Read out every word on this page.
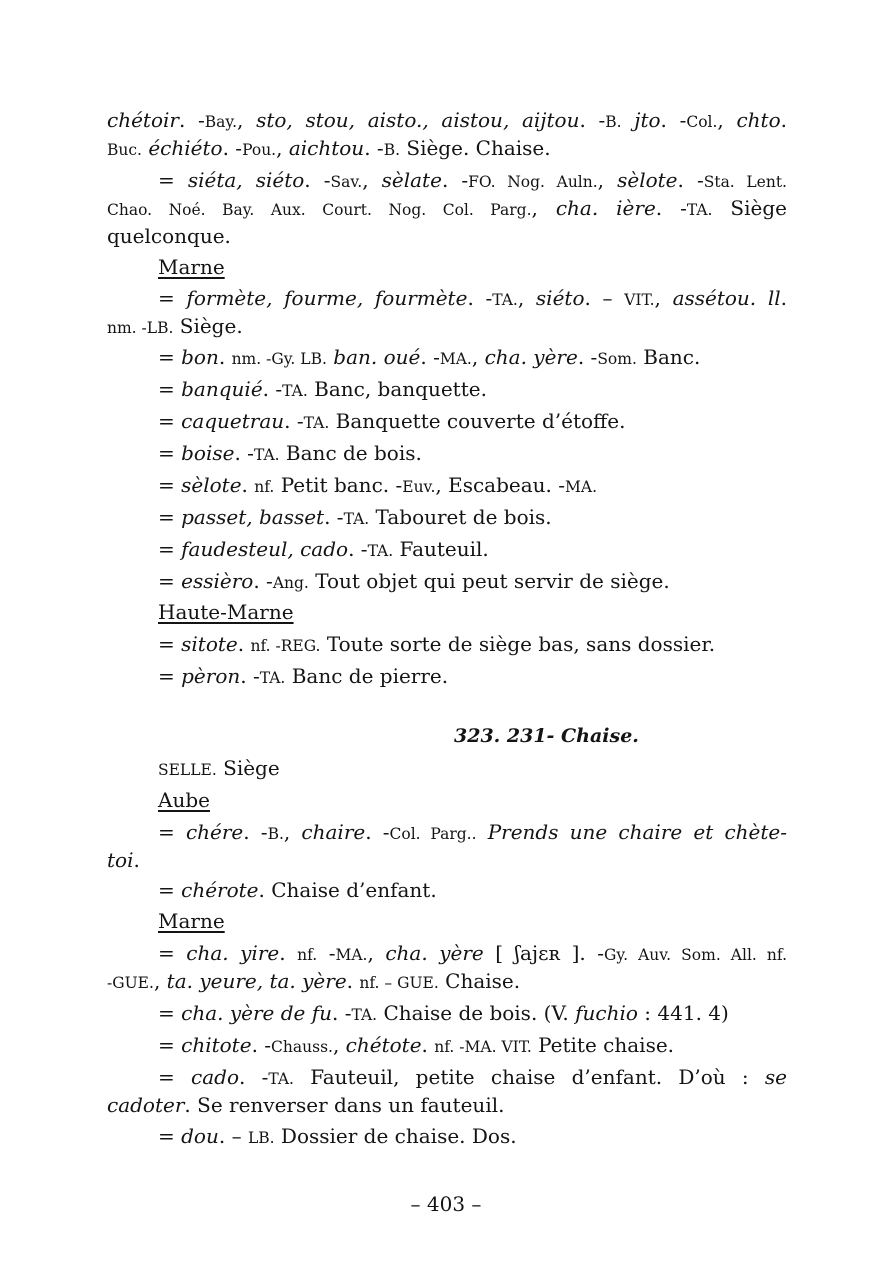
chétoir. -Bay., sto, stou, aisto., aistou, aijtou. -B. jto. -Col., chto.
Buc. échiéto. -Pou., aichtou. -B. Siège. Chaise.
= siéta, siéto. -Sav., sèlate. -FO. Nog. Auln., sèlote. -Sta. Lent.
Chao. Noé. Bay. Aux. Court. Nog. Col. Parg., cha. ière. -TA. Siège
quelconque.
Marne
= formète, fourme, fourmète. -TA., siéto. – VIT., assétou. ll.
nm. -LB. Siège.
= bon. nm. -Gy. LB. ban. oué. -MA., cha. yère. -Som. Banc.
= banquié. -TA. Banc, banquette.
= caquetrau. -TA. Banquette couverte d’étoffe.
= boise. -TA. Banc de bois.
= sèlote. nf. Petit banc. -Euv., Escabeau. -MA.
= passet, basset. -TA. Tabouret de bois.
= faudesteul, cado. -TA. Fauteuil.
= essièro. -Ang. Tout objet qui peut servir de siège.
Haute-Marne
= sitote. nf. -REG. Toute sorte de siège bas, sans dossier.
= pèron. -TA. Banc de pierre.
SELLE. Siège
Aube
= chére. -B., chaire. -Col. Parg.. Prends une chaire et chète-
toi.
= chérote. Chaise d’enfant.
Marne
= cha. yire. nf. -MA., cha. yère [ ʃajɛʀ ]. -Gy. Auv. Som. All. nf.
-GUE., ta. yeure, ta. yère. nf. – GUE. Chaise.
= cha. yère de fu. -TA. Chaise de bois. (V. fuchio : 441. 4)
= chitote. -Chauss., chétote. nf. -MA. VIT. Petite chaise.
= cado. -TA. Fauteuil, petite chaise d’enfant. D’où : se
cadoter. Se renverser dans un fauteuil.
= dou. – LB. Dossier de chaise. Dos.
323. 231- Chaise.
– 403 –
